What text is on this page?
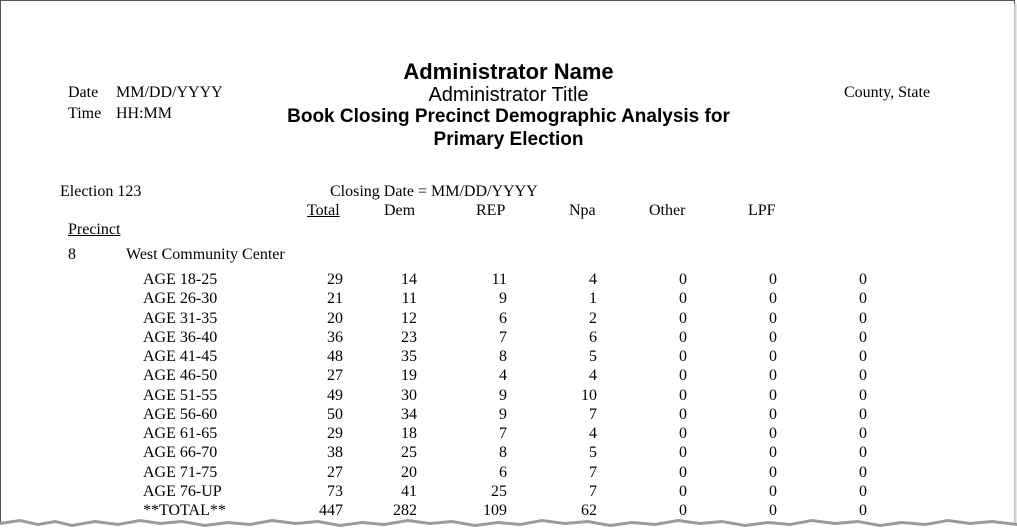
Administrator Name
Administrator Title
Book Closing Precinct Demographic Analysis for
Primary Election
Date MM/DD/YYYY
Time HH:MM
County, State
Election 123	Closing Date = MM/DD/YYYY
Total	Dem	REP	Npa	Other	LPF
Precinct
8	West Community Center
AGE 18-25	29	14	11	4	0	0	0
AGE 26-30	21	11	9	1	0	0	0
AGE 31-35	20	12	6	2	0	0	0
AGE 36-40	36	23	7	6	0	0	0
AGE 41-45	48	35	8	5	0	0	0
AGE 46-50	27	19	4	4	0	0	0
AGE 51-55	49	30	9	10	0	0	0
AGE 56-60	50	34	9	7	0	0	0
AGE 61-65	29	18	7	4	0	0	0
AGE 66-70	38	25	8	5	0	0	0
AGE 71-75	27	20	6	7	0	0	0
AGE 76-UP	73	41	25	7	0	0	0
**TOTAL**	447	282	109	62	0	0	0
